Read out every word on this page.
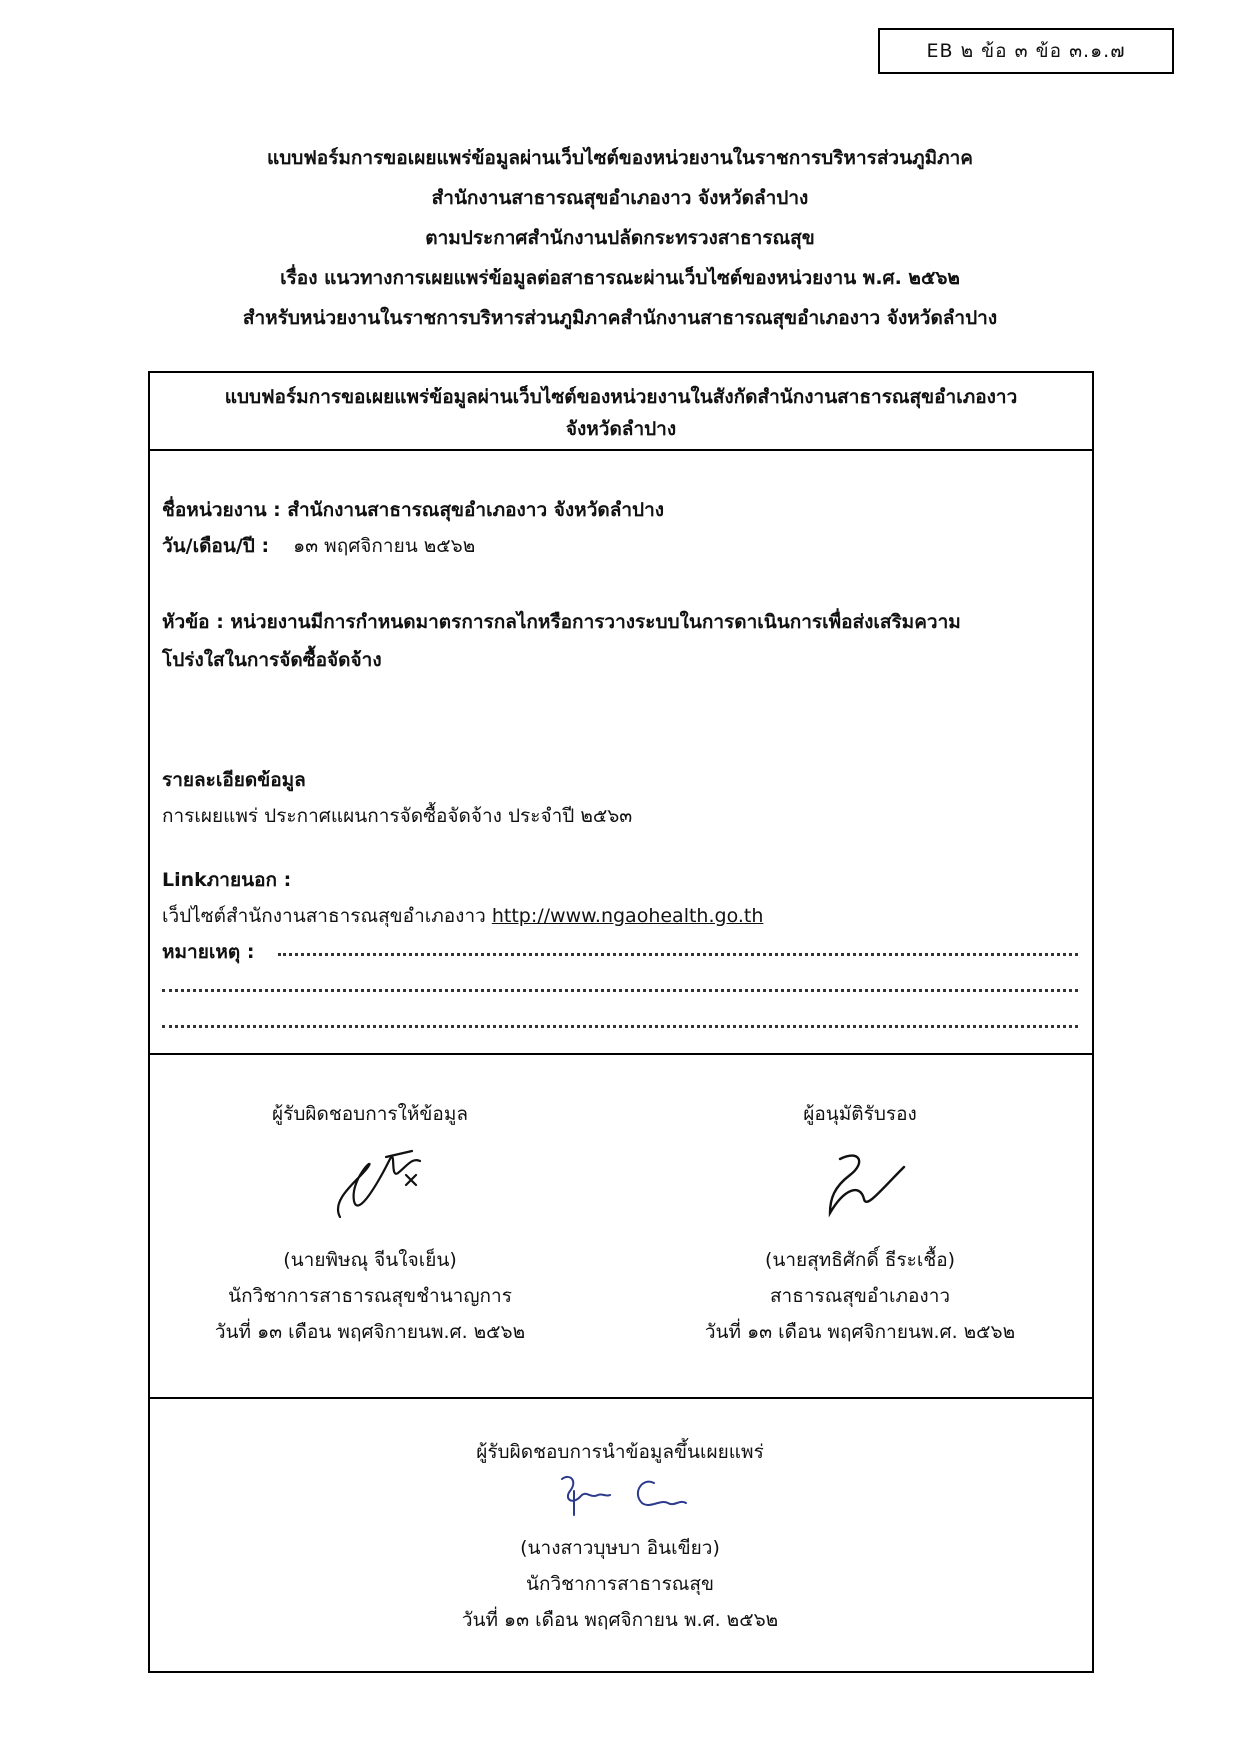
EB ๒ ข้อ ๓ ข้อ ๓.๑.๗
แบบฟอร์มการขอเผยแพร่ข้อมูลผ่านเว็บไซต์ของหน่วยงานในราชการบริหารส่วนภูมิภาค
สำนักงานสาธารณสุขอำเภองาว จังหวัดลำปาง
ตามประกาศสำนักงานปลัดกระทรวงสาธารณสุข
เรื่อง แนวทางการเผยแพร่ข้อมูลต่อสาธารณะผ่านเว็บไซต์ของหน่วยงาน พ.ศ. ๒๕๖๒
สำหรับหน่วยงานในราชการบริหารส่วนภูมิภาคสำนักงานสาธารณสุขอำเภองาว จังหวัดลำปาง
แบบฟอร์มการขอเผยแพร่ข้อมูลผ่านเว็บไซต์ของหน่วยงานในสังกัดสำนักงานสาธารณสุขอำเภองาว
จังหวัดลำปาง
ชื่อหน่วยงาน : สำนักงานสาธารณสุขอำเภองาว จังหวัดลำปาง
วัน/เดือน/ปี : ๑๓ พฤศจิกายน ๒๕๖๒
หัวข้อ : หน่วยงานมีการกำหนดมาตรการกลไกหรือการวางระบบในการดาเนินการเพื่อส่งเสริมความ
โปร่งใสในการจัดซื้อจัดจ้าง
รายละเอียดข้อมูล
การเผยแพร่ ประกาศแผนการจัดซื้อจัดจ้าง ประจำปี ๒๕๖๓
Linkภายนอก :
เว็ปไซต์สำนักงานสาธารณสุขอำเภองาว http://www.ngaohealth.go.th
หมายเหตุ :
ผู้รับผิดชอบการให้ข้อมูล
(นายพิษณุ จีนใจเย็น)
นักวิชาการสาธารณสุขชำนาญการ
วันที่ ๑๓ เดือน พฤศจิกายนพ.ศ. ๒๕๖๒
ผู้อนุมัติรับรอง
(นายสุทธิศักดิ์ ธีระเชื้อ)
สาธารณสุขอำเภองาว
วันที่ ๑๓ เดือน พฤศจิกายนพ.ศ. ๒๕๖๒
ผู้รับผิดชอบการนำข้อมูลขึ้นเผยแพร่
(นางสาวบุษบา อินเขียว)
นักวิชาการสาธารณสุข
วันที่ ๑๓ เดือน พฤศจิกายน พ.ศ. ๒๕๖๒
